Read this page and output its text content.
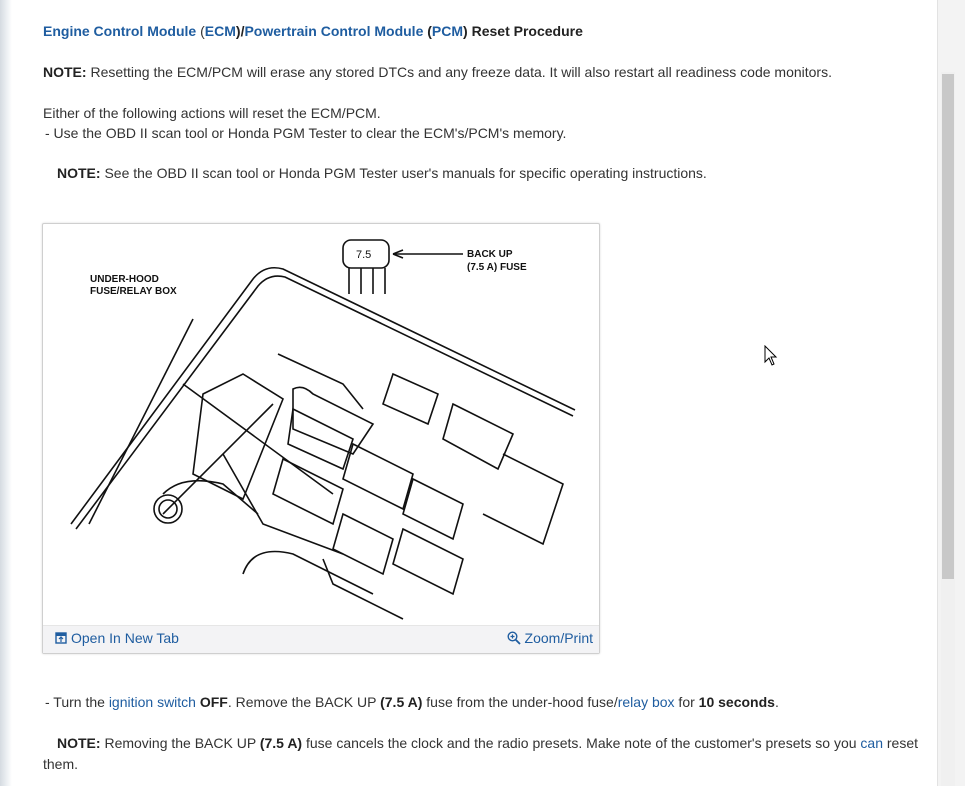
Engine Control Module (ECM)/Powertrain Control Module (PCM) Reset Procedure
NOTE: Resetting the ECM/PCM will erase any stored DTCs and any freeze data. It will also restart all readiness code monitors.
Either of the following actions will reset the ECM/PCM.
- Use the OBD II scan tool or Honda PGM Tester to clear the ECM's/PCM's memory.
NOTE: See the OBD II scan tool or Honda PGM Tester user's manuals for specific operating instructions.
7.5
UNDER-HOOD
FUSE/RELAY BOX
BACK UP
(7.5 A) FUSE
Open In New Tab	Zoom/Print
- Turn the ignition switch OFF. Remove the BACK UP (7.5 A) fuse from the under-hood fuse/relay box for 10 seconds.
NOTE: Removing the BACK UP (7.5 A) fuse cancels the clock and the radio presets. Make note of the customer's presets so you can reset
them.
